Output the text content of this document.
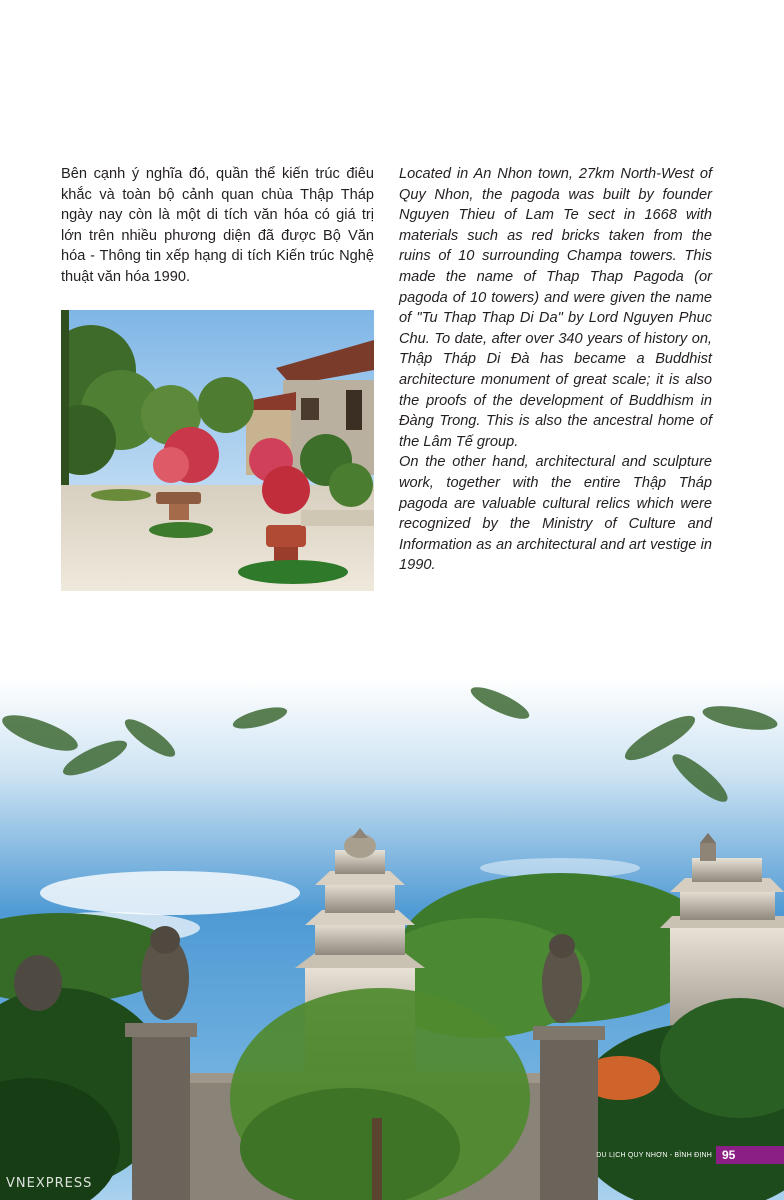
Bên cạnh ý nghĩa đó, quần thể kiến trúc điêu khắc và toàn bộ cảnh quan chùa Thập Tháp ngày nay còn là một di tích văn hóa có giá trị lớn trên nhiều phương diện đã được Bộ Văn hóa - Thông tin xếp hạng di tích Kiến trúc Nghệ thuật văn hóa 1990.

Located in An Nhon town, 27km North-West of Quy Nhon, the pagoda was built by founder Nguyen Thieu of Lam Te sect in 1668 with materials such as red bricks taken from the ruins of 10 surrounding Champa towers. This made the name of Thap Thap Pagoda (or pagoda of 10 towers) and were given the name of "Tu Thap Thap Di Da" by Lord Nguyen Phuc Chu. To date, after over 340 years of history on, Thập Tháp Di Đà has became a Buddhist architecture monument of great scale; it is also the proofs of the development of Buddhism in Đàng Trong. This is also the ancestral home of the Lâm Tế group.

On the other hand, architectural and sculpture work, together with the entire Thập Tháp pagoda are valuable cultural relics which were recognized by the Ministry of Culture and Information as an architectural and art vestige in 1990.

DU LỊCH QUY NHƠN - BÌNH ĐỊNH 95
VNEXPRESS
